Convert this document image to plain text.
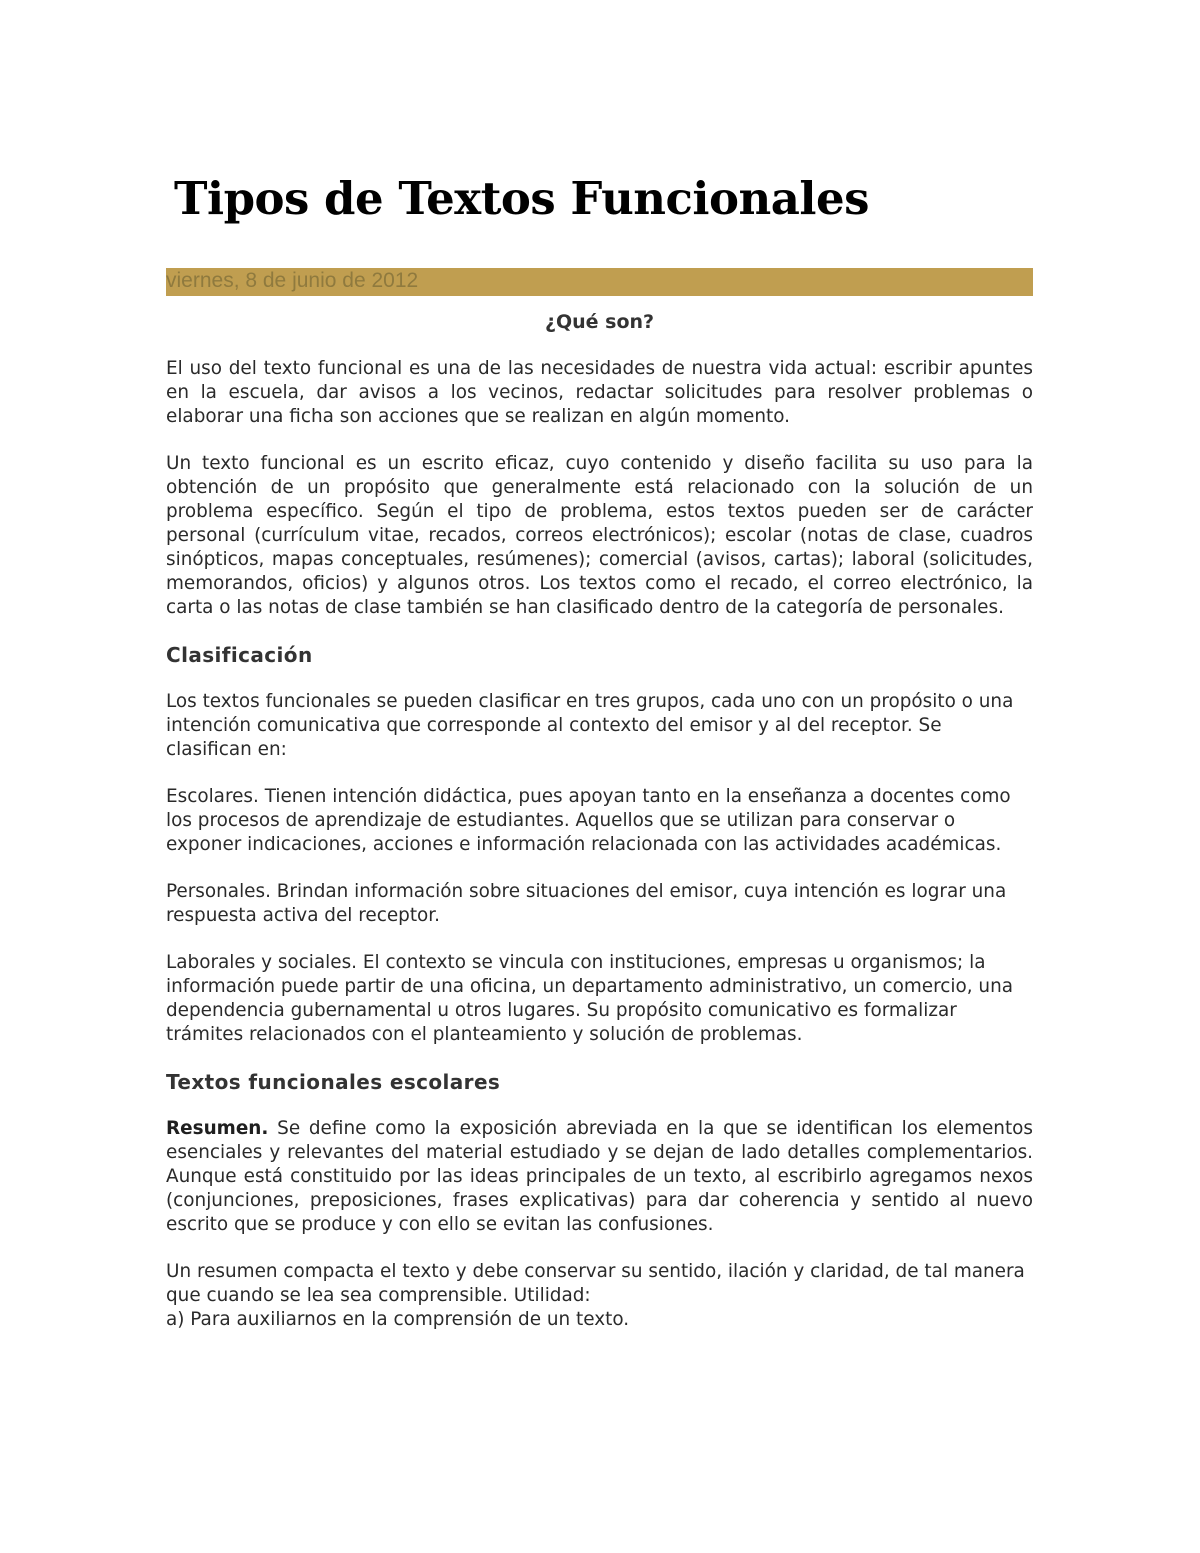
Tipos de Textos Funcionales
viernes, 8 de junio de 2012

¿Qué son?

El uso del texto funcional es una de las necesidades de nuestra vida actual: escribir apuntes en la escuela, dar avisos a los vecinos, redactar solicitudes para resolver problemas o elaborar una ficha son acciones que se realizan en algún momento.

Un texto funcional es un escrito eficaz, cuyo contenido y diseño facilita su uso para la obtención de un propósito que generalmente está relacionado con la solución de un problema específico. Según el tipo de problema, estos textos pueden ser de carácter personal (currículum vitae, recados, correos electrónicos); escolar (notas de clase, cuadros sinópticos, mapas conceptuales, resúmenes); comercial (avisos, cartas); laboral (solicitudes, memorandos, oficios) y algunos otros. Los textos como el recado, el correo electrónico, la carta o las notas de clase también se han clasificado dentro de la categoría de personales.

Clasificación

Los textos funcionales se pueden clasificar en tres grupos, cada uno con un propósito o una intención comunicativa que corresponde al contexto del emisor y al del receptor. Se clasifican en:

Escolares. Tienen intención didáctica, pues apoyan tanto en la enseñanza a docentes como los procesos de aprendizaje de estudiantes. Aquellos que se utilizan para conservar o exponer indicaciones, acciones e información relacionada con las actividades académicas.

Personales. Brindan información sobre situaciones del emisor, cuya intención es lograr una respuesta activa del receptor.

Laborales y sociales. El contexto se vincula con instituciones, empresas u organismos; la información puede partir de una oficina, un departamento administrativo, un comercio, una dependencia gubernamental u otros lugares. Su propósito comunicativo es formalizar trámites relacionados con el planteamiento y solución de problemas.

Textos funcionales escolares

Resumen. Se define como la exposición abreviada en la que se identifican los elementos esenciales y relevantes del material estudiado y se dejan de lado detalles complementarios. Aunque está constituido por las ideas principales de un texto, al escribirlo agregamos nexos (conjunciones, preposiciones, frases explicativas) para dar coherencia y sentido al nuevo escrito que se produce y con ello se evitan las confusiones.

Un resumen compacta el texto y debe conservar su sentido, ilación y claridad, de tal manera que cuando se lea sea comprensible. Utilidad:

a) Para auxiliarnos en la comprensión de un texto.
